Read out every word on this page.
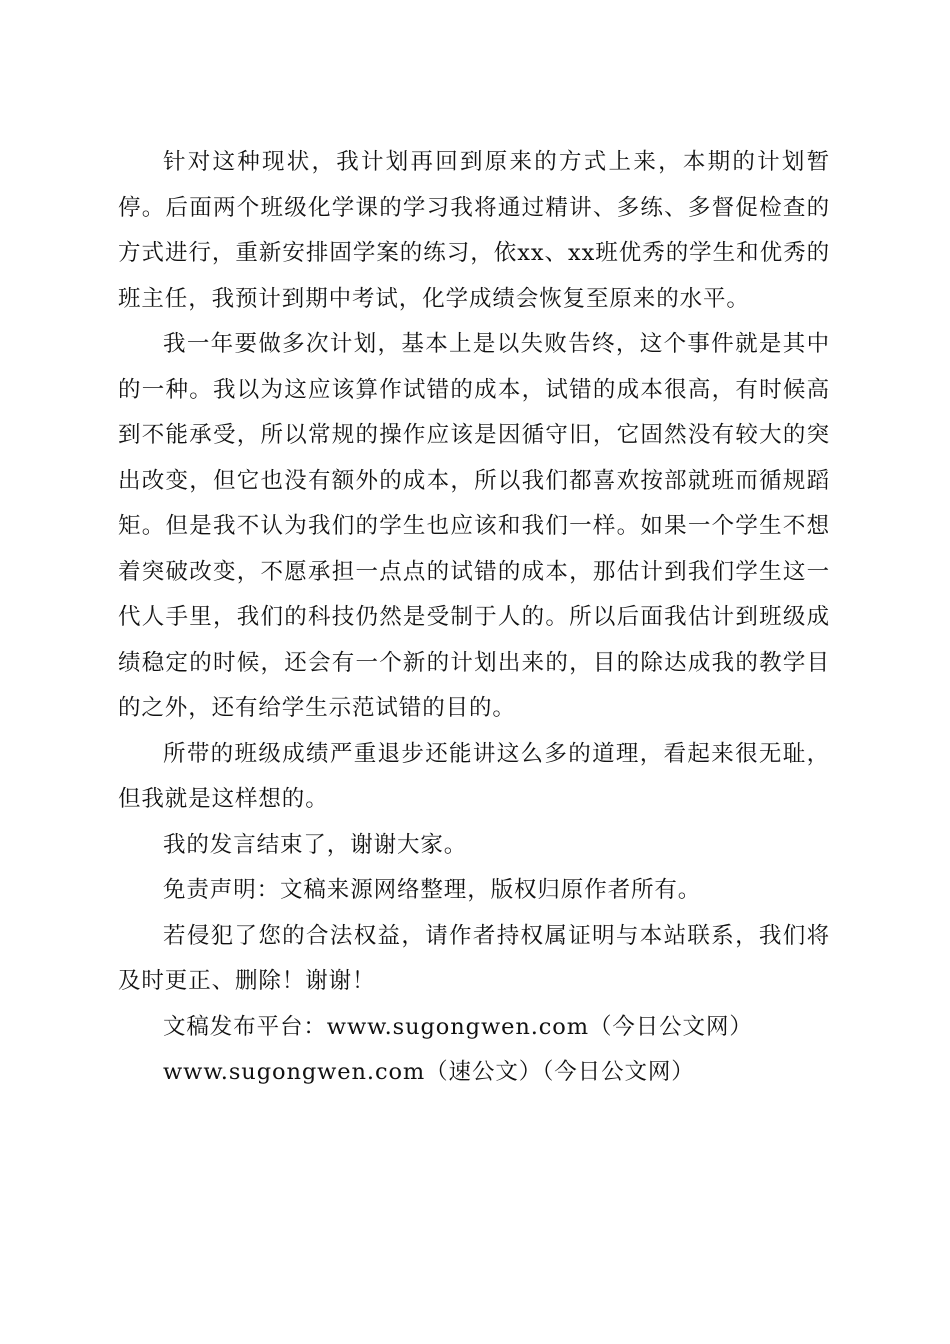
针对这种现状，我计划再回到原来的方式上来，本期的计划暂停。后面两个班级化学课的学习我将通过精讲、多练、多督促检查的方式进行，重新安排固学案的练习，依xx、xx班优秀的学生和优秀的班主任，我预计到期中考试，化学成绩会恢复至原来的水平。

我一年要做多次计划，基本上是以失败告终，这个事件就是其中的一种。我以为这应该算作试错的成本，试错的成本很高，有时候高到不能承受，所以常规的操作应该是因循守旧，它固然没有较大的突出改变，但它也没有额外的成本，所以我们都喜欢按部就班而循规蹈矩。但是我不认为我们的学生也应该和我们一样。如果一个学生不想着突破改变，不愿承担一点点的试错的成本，那估计到我们学生这一代人手里，我们的科技仍然是受制于人的。所以后面我估计到班级成绩稳定的时候，还会有一个新的计划出来的，目的除达成我的教学目的之外，还有给学生示范试错的目的。

所带的班级成绩严重退步还能讲这么多的道理，看起来很无耻，但我就是这样想的。

我的发言结束了，谢谢大家。

免责声明：文稿来源网络整理，版权归原作者所有。

若侵犯了您的合法权益，请作者持权属证明与本站联系，我们将及时更正、删除！谢谢！

文稿发布平台：www.sugongwen.com（今日公文网）

www.sugongwen.com（速公文）（今日公文网）
